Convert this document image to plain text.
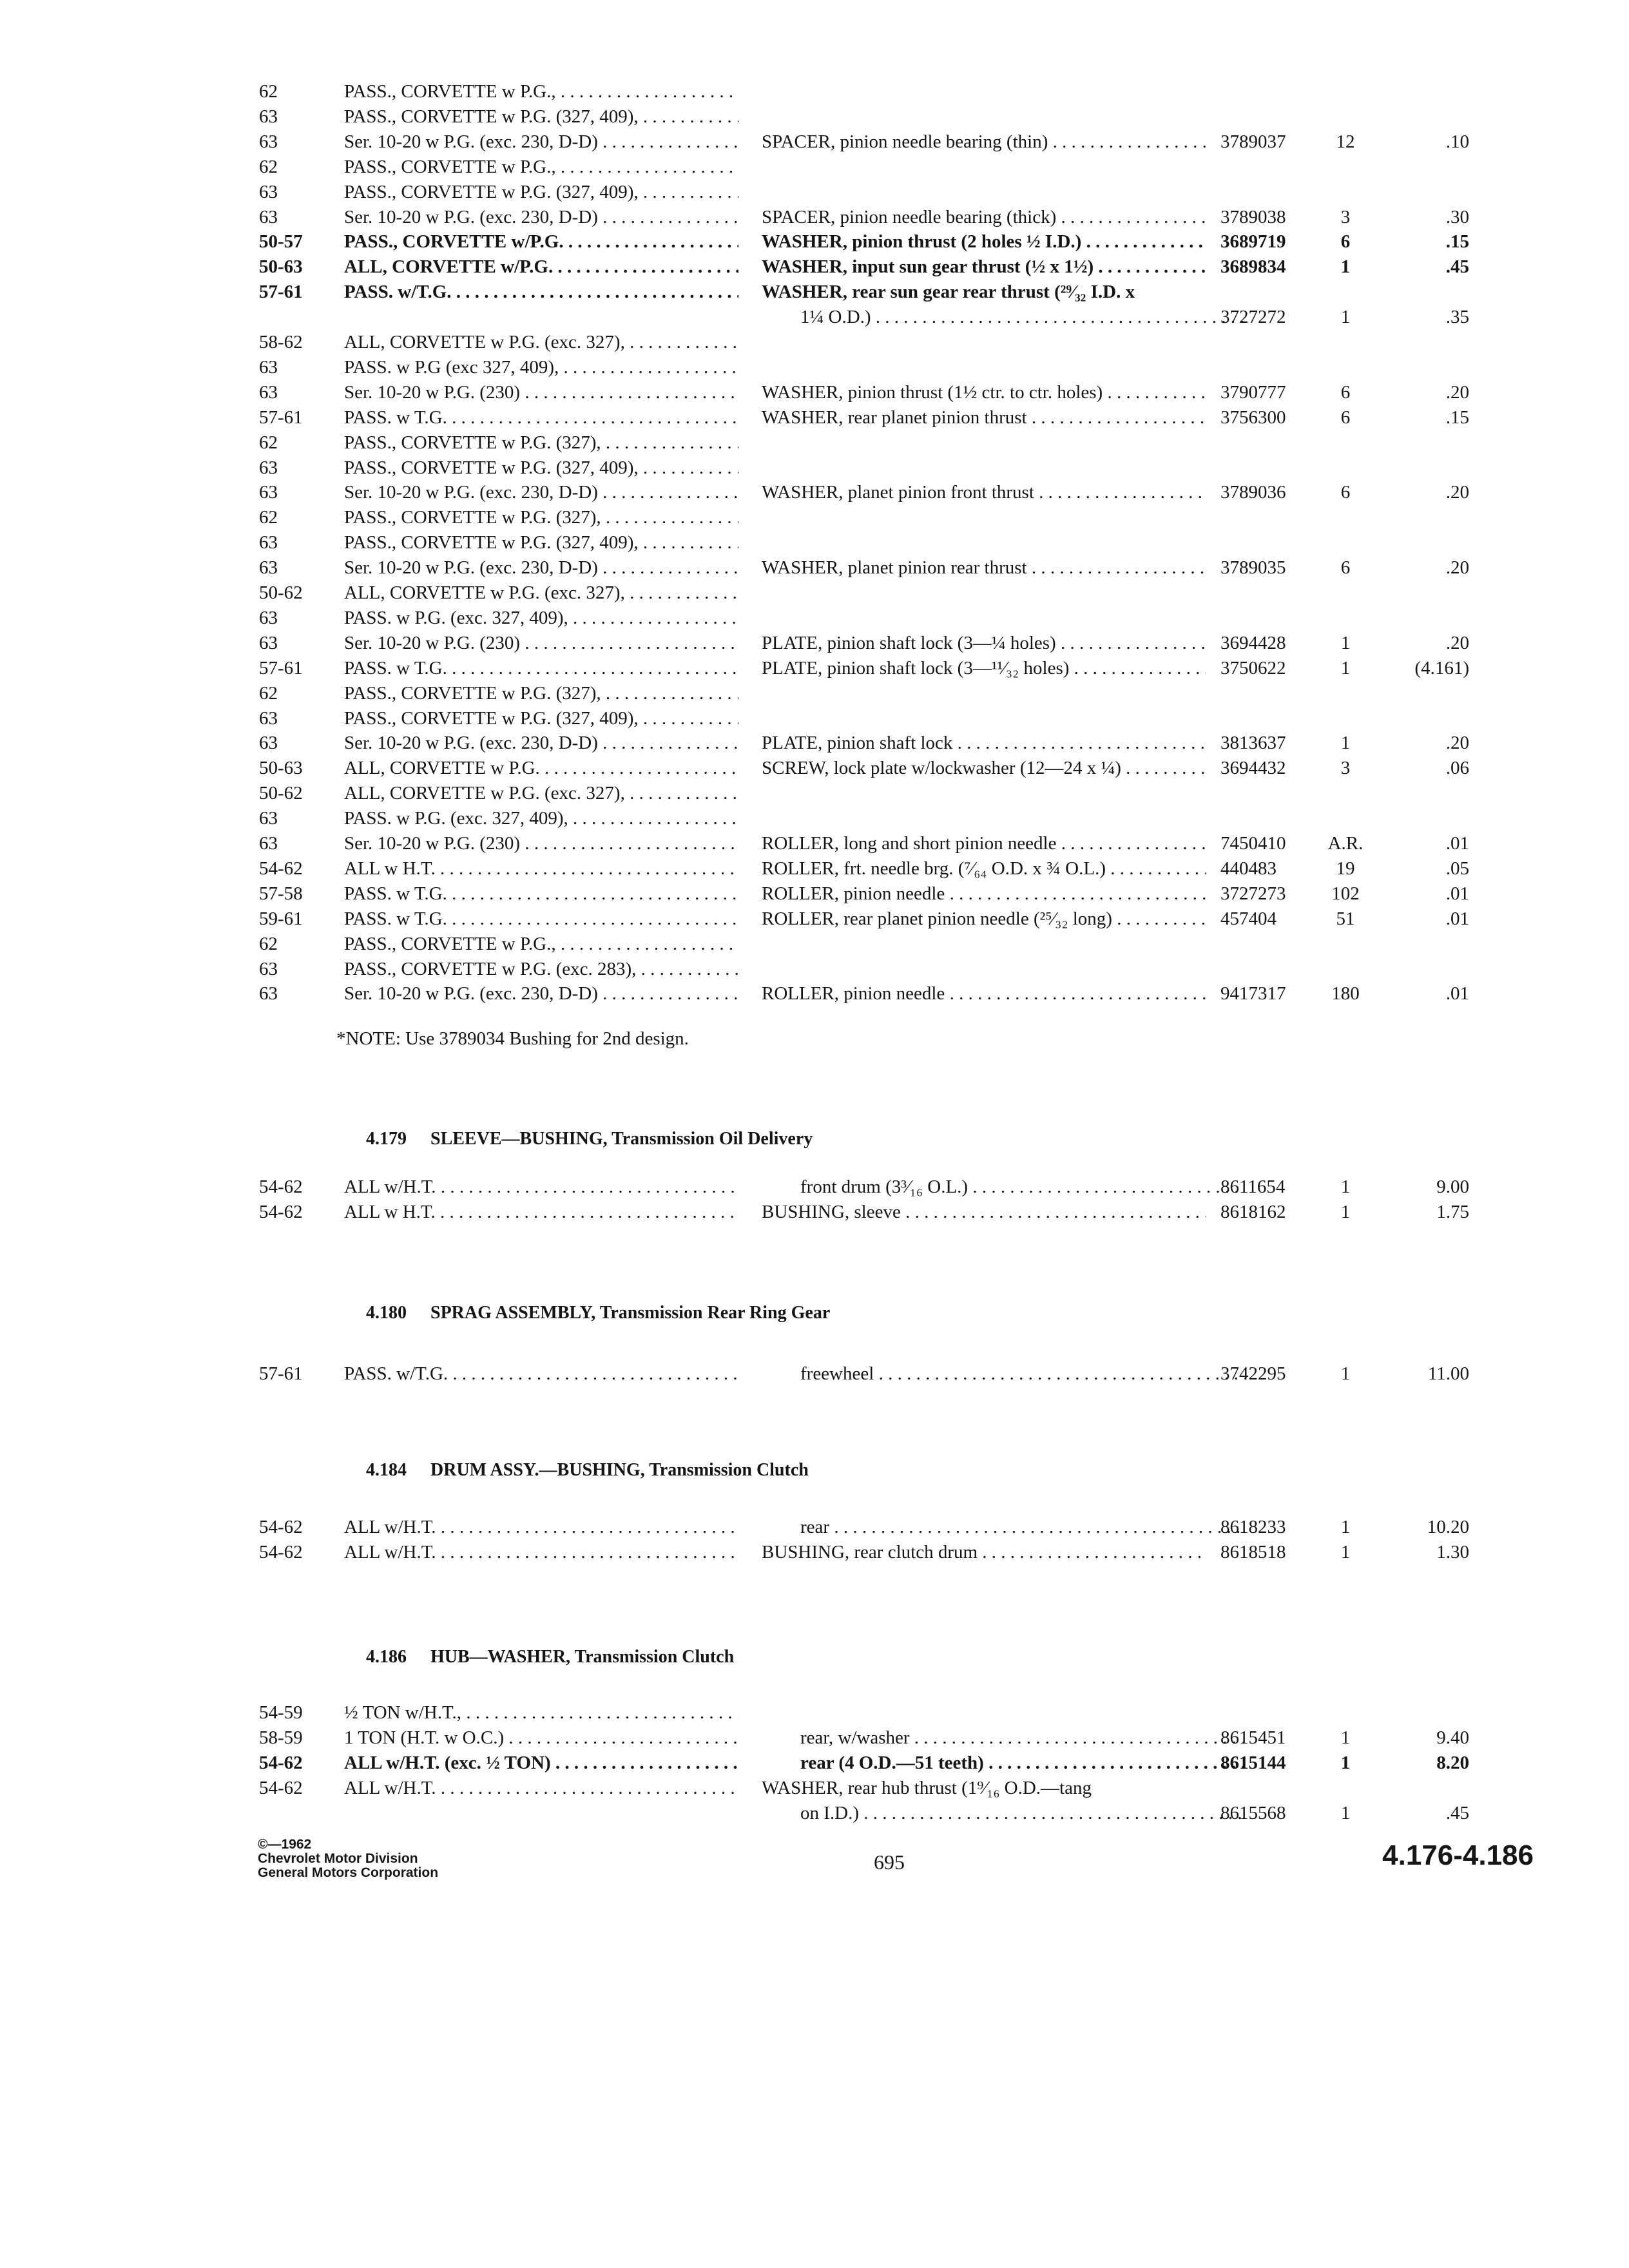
62	PASS., CORVETTE w P.G., . . .
63	PASS., CORVETTE w P.G. (327, 409), . . .
63	Ser. 10-20 w P.G. (exc. 230, D-D) . . .	SPACER, pinion needle bearing (thin) . . .	3789037	12	.10
62	PASS., CORVETTE w P.G., . . .
63	PASS., CORVETTE w P.G. (327, 409), . . .
63	Ser. 10-20 w P.G. (exc. 230, D-D) . . .	SPACER, pinion needle bearing (thick) . . .	3789038	3	.30
50-57 PASS., CORVETTE w/P.G. . . .	WASHER, pinion thrust (2 holes ½ I.D.) . . .	3689719	6	.15
50-63 ALL, CORVETTE w/P.G. . . .	WASHER, input sun gear thrust (½ x 1½) . . .	3689834	1	.45
57-61 PASS. w/T.G. . . .	WASHER, rear sun gear rear thrust (²⁹⁄₃₂ I.D. x
1¼ O.D.) . . .	3727272	1	.35
58-62 ALL, CORVETTE w P.G. (exc. 327), . . .
63	PASS. w P.G (exc 327, 409), . . .
63	Ser. 10-20 w P.G. (230) . . .	WASHER, pinion thrust (1½ ctr. to ctr. holes) . . .	3790777	6	.20
57-61 PASS. w T.G. . . .	WASHER, rear planet pinion thrust . . .	3756300	6	.15
62	PASS., CORVETTE w P.G. (327), . . .
63	PASS., CORVETTE w P.G. (327, 409), . . .
63	Ser. 10-20 w P.G. (exc. 230, D-D) . . .	WASHER, planet pinion front thrust . . .	3789036	6	.20
62	PASS., CORVETTE w P.G. (327), . . .
63	PASS., CORVETTE w P.G. (327, 409), . . .
63	Ser. 10-20 w P.G. (exc. 230, D-D) . . .	WASHER, planet pinion rear thrust . . .	3789035	6	.20
50-62 ALL, CORVETTE w P.G. (exc. 327), . . .
63	PASS. w P.G. (exc. 327, 409), . . .
63	Ser. 10-20 w P.G. (230) . . .	PLATE, pinion shaft lock (3—¼ holes) . . .	3694428	1	.20
57-61 PASS. w T.G. . . .	PLATE, pinion shaft lock (3—¹¹⁄₃₂ holes) . . .	3750622	1	(4.161)
62	PASS., CORVETTE w P.G. (327), . . .
63	PASS., CORVETTE w P.G. (327, 409), . . .
63	Ser. 10-20 w P.G. (exc. 230, D-D) . . .	PLATE, pinion shaft lock . . .	3813637	1	.20
50-63 ALL, CORVETTE w P.G. . . .	SCREW, lock plate w/lockwasher (12—24 x ¼) . . .	3694432	3	.06
50-62 ALL, CORVETTE w P.G. (exc. 327), . . .
63	PASS. w P.G. (exc. 327, 409), . . .
63	Ser. 10-20 w P.G. (230) . . .	ROLLER, long and short pinion needle . . .	7450410	A.R.	.01
54-62 ALL w H.T. . . .	ROLLER, frt. needle brg. (⁷⁄₆₄ O.D. x ¾ O.L.) . . .	440483	19	.05
57-58 PASS. w T.G. . . .	ROLLER, pinion needle . . .	3727273	102	.01
59-61 PASS. w T.G. . . .	ROLLER, rear planet pinion needle (²⁵⁄₃₂ long) . . .	457404	51	.01
62	PASS., CORVETTE w P.G., . . .
63	PASS., CORVETTE w P.G. (exc. 283), . . .
63	Ser. 10-20 w P.G. (exc. 230, D-D) . . .	ROLLER, pinion needle . . .	9417317	180	.01
*NOTE: Use 3789034 Bushing for 2nd design.
4.179 SLEEVE—BUSHING, Transmission Oil Delivery
54-62 ALL w/H.T. . . .	front drum (3³⁄₁₆ O.L.) . . .	8611654	1	9.00
54-62 ALL w H.T. . . .	BUSHING, sleeve . . .	8618162	1	1.75
4.180 SPRAG ASSEMBLY, Transmission Rear Ring Gear
57-61 PASS. w/T.G. . . .	freewheel . . .	3742295	1	11.00
4.184 DRUM ASSY.—BUSHING, Transmission Clutch
54-62 ALL w/H.T. . . .	rear . . .	8618233	1	10.20
54-62 ALL w/H.T. . . .	BUSHING, rear clutch drum . . .	8618518	1	1.30
4.186 HUB—WASHER, Transmission Clutch
54-59 ½ TON w/H.T., . . .
58-59 1 TON (H.T. w O.C.) . . .	rear, w/washer . . .	8615451	1	9.40
54-62 ALL w/H.T. (exc. ½ TON) . . .	rear (4 O.D.—51 teeth) . . .	8615144	1	8.20
54-62 ALL w/H.T. . . .	WASHER, rear hub thrust (1⁹⁄₁₆ O.D.—tang
on I.D.) . . .	8615568	1	.45
©—1962
Chevrolet Motor Division
General Motors Corporation	695	4.176-4.186
